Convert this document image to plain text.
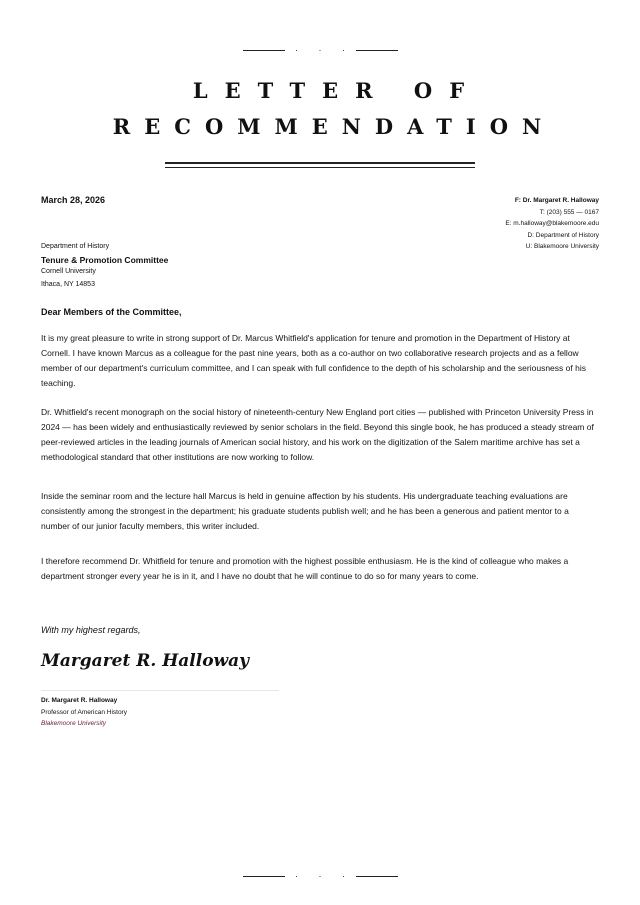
· · ·
LETTER OF
RECOMMENDATION
March 28, 2026	F: Dr. Margaret R. Halloway
T: (203) 555 — 0167
E: m.halloway@blakemoore.edu
D: Department of History
U: Blakemoore University
Department of History
Tenure & Promotion Committee
Cornell University
Ithaca, NY 14853
Dear Members of the Committee,

It is my great pleasure to write in strong support of Dr. Marcus Whitfield's application for tenure and promotion in the Department of History at Cornell. I have known Marcus as a colleague for the past nine years, both as a co-author on two collaborative research projects and as a fellow member of our department's curriculum committee, and I can speak with full confidence to the depth of his scholarship and the seriousness of his teaching.

Dr. Whitfield's recent monograph on the social history of nineteenth-century New England port cities — published with Princeton University Press in 2024 — has been widely and enthusiastically reviewed by senior scholars in the field. Beyond this single book, he has produced a steady stream of peer-reviewed articles in the leading journals of American social history, and his work on the digitization of the Salem maritime archive has set a methodological standard that other institutions are now working to follow.

Inside the seminar room and the lecture hall Marcus is held in genuine affection by his students. His undergraduate teaching evaluations are consistently among the strongest in the department; his graduate students publish well; and he has been a generous and patient mentor to a number of our junior faculty members, this writer included.

I therefore recommend Dr. Whitfield for tenure and promotion with the highest possible enthusiasm. He is the kind of colleague who makes a department stronger every year he is in it, and I have no doubt that he will continue to do so for many years to come.

With my highest regards,
Margaret R. Halloway
Dr. Margaret R. Halloway
Professor of American History
Blakemoore University
· · ·
